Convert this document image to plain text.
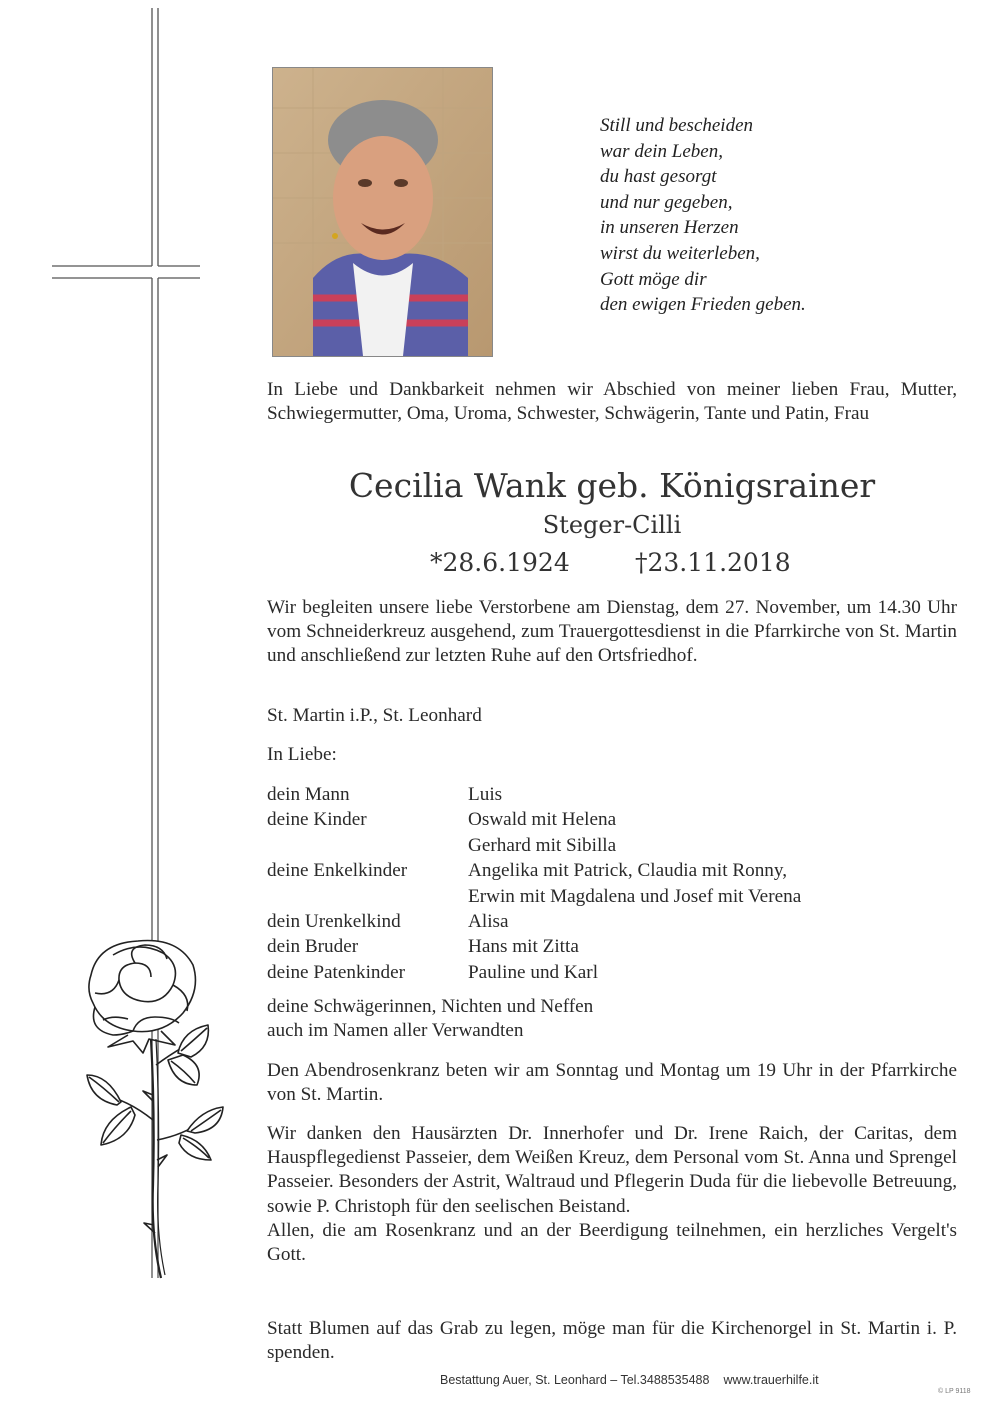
Still und bescheiden
war dein Leben,
du hast gesorgt
und nur gegeben,
in unseren Herzen
wirst du weiterleben,
Gott möge dir
den ewigen Frieden geben.
In Liebe und Dankbarkeit nehmen wir Abschied von meiner lieben Frau, Mutter, Schwiegermutter, Oma, Uroma, Schwester, Schwägerin, Tante und Patin, Frau
Cecilia Wank geb. Königsrainer
Steger-Cilli
*28.6.1924	†23.11.2018
Wir begleiten unsere liebe Verstorbene am Dienstag, dem 27. November, um 14.30 Uhr vom Schneiderkreuz ausgehend, zum Trauergottesdienst in die Pfarrkirche von St. Martin und anschließend zur letzten Ruhe auf den Ortsfriedhof.
St. Martin i.P., St. Leonhard
In Liebe:
dein Mann	Luis
deine Kinder	Oswald mit Helena
Gerhard mit Sibilla
deine Enkelkinder	Angelika mit Patrick, Claudia mit Ronny,
Erwin mit Magdalena und Josef mit Verena
dein Urenkelkind	Alisa
dein Bruder	Hans mit Zitta
deine Patenkinder	Pauline und Karl
deine Schwägerinnen, Nichten und Neffen
auch im Namen aller Verwandten
Den Abendrosenkranz beten wir am Sonntag und Montag um 19 Uhr in der Pfarrkirche von St. Martin.

Wir danken den Hausärzten Dr. Innerhofer und Dr. Irene Raich, der Caritas, dem Hauspflegedienst Passeier, dem Weißen Kreuz, dem Personal vom St. Anna und Sprengel Passeier. Besonders der Astrit, Waltraud und Pflegerin Duda für die liebevolle Betreuung, sowie P. Christoph für den seelischen Beistand.

Allen, die am Rosenkranz und an der Beerdigung teilnehmen, ein herzliches Vergelt's Gott.

Statt Blumen auf das Grab zu legen, möge man für die Kirchenorgel in St. Martin i. P. spenden.
Bestattung Auer, St. Leonhard – Tel.3488535488 www.trauerhilfe.it
© LP 9118
